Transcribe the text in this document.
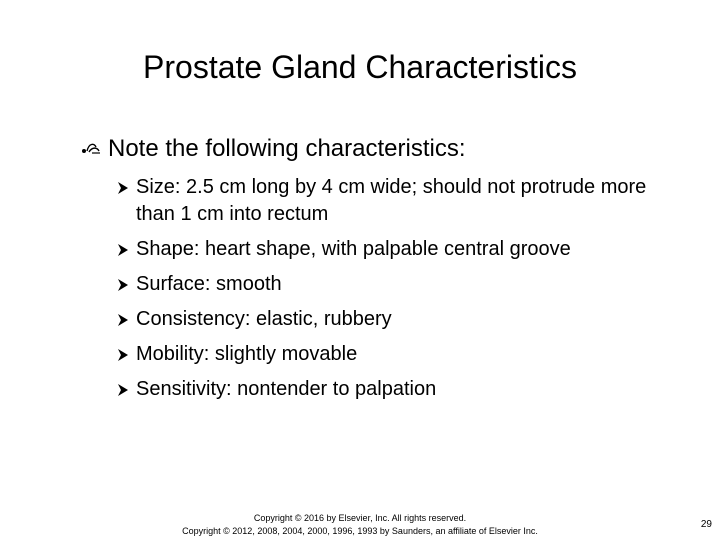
Prostate Gland Characteristics
Note the following characteristics:
Size: 2.5 cm long by 4 cm wide; should not protrude more than 1 cm into rectum
Shape: heart shape, with palpable central groove
Surface: smooth
Consistency: elastic, rubbery
Mobility: slightly movable
Sensitivity: nontender to palpation
Copyright © 2016 by Elsevier, Inc. All rights reserved.
Copyright © 2012, 2008, 2004, 2000, 1996, 1993 by Saunders, an affiliate of Elsevier Inc.
29
